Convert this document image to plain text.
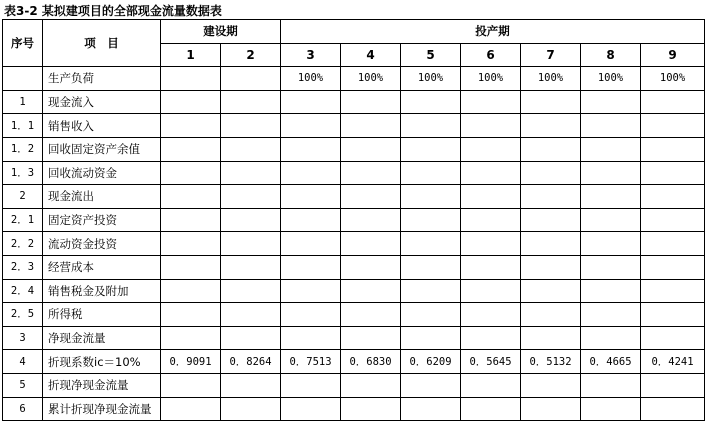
表3-2 某拟建项目的全部现金流量数据表
序号	项　目	建设期		投产期						
		1	2	3	4	5	6	7	8	9
	生产负荷			100%	100%	100%	100%	100%	100%	100%
1	现金流入									
1．1	销售收入									
1．2	回收固定资产余值									
1．3	回收流动资金									
2	现金流出									
2．1	固定资产投资									
2．2	流动资金投资									
2．3	经营成本									
2．4	销售税金及附加									
2．5	所得税									
3	净现金流量									
4	折现系数ic＝10%	0．9091	0．8264	0．7513	0．6830	0．6209	0．5645	0．5132	0．4665	0．4241
5	折现净现金流量									
6	累计折现净现金流量									
